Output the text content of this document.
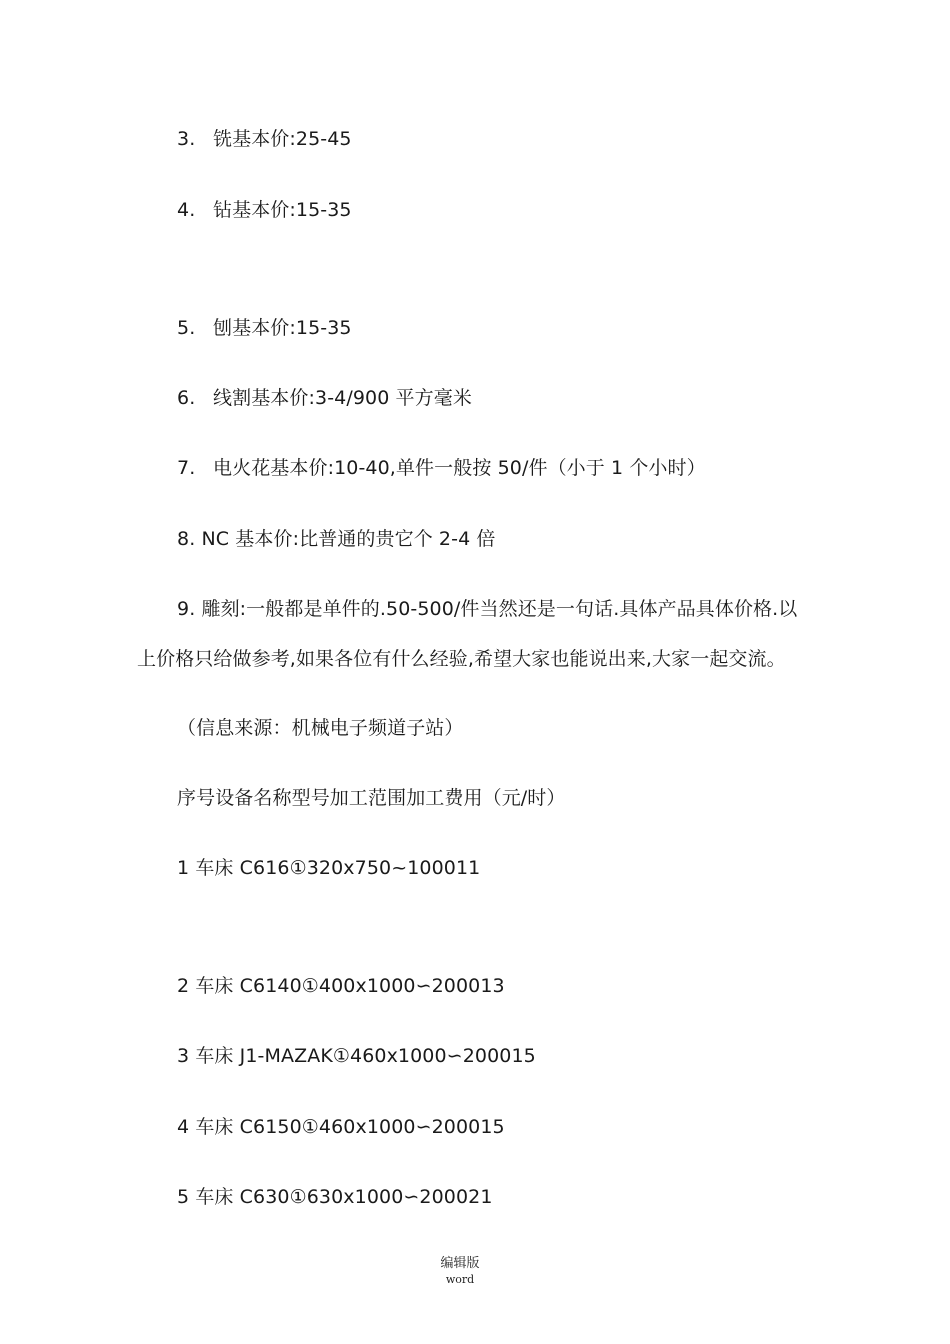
3. 铣基本价:25-45
4. 钻基本价:15-35
5. 刨基本价:15-35
6. 线割基本价:3-4/900 平方毫米
7. 电火花基本价:10-40,单件一般按 50/件（小于 1 个小时）
8. NC 基本价:比普通的贵它个 2-4 倍
9. 雕刻:一般都是单件的.50-500/件当然还是一句话.具体产品具体价格.以
上价格只给做参考,如果各位有什么经验,希望大家也能说出来,大家一起交流。
（信息来源：机械电子频道子站）
序号设备名称型号加工范围加工费用（元/时）
1 车床 C616①320x750~100011
2 车床 C6140①400x1000∽200013
3 车床 J1-MAZAK①460x1000∽200015
4 车床 C6150①460x1000∽200015
5 车床 C630①630x1000∽200021
编辑版
word
